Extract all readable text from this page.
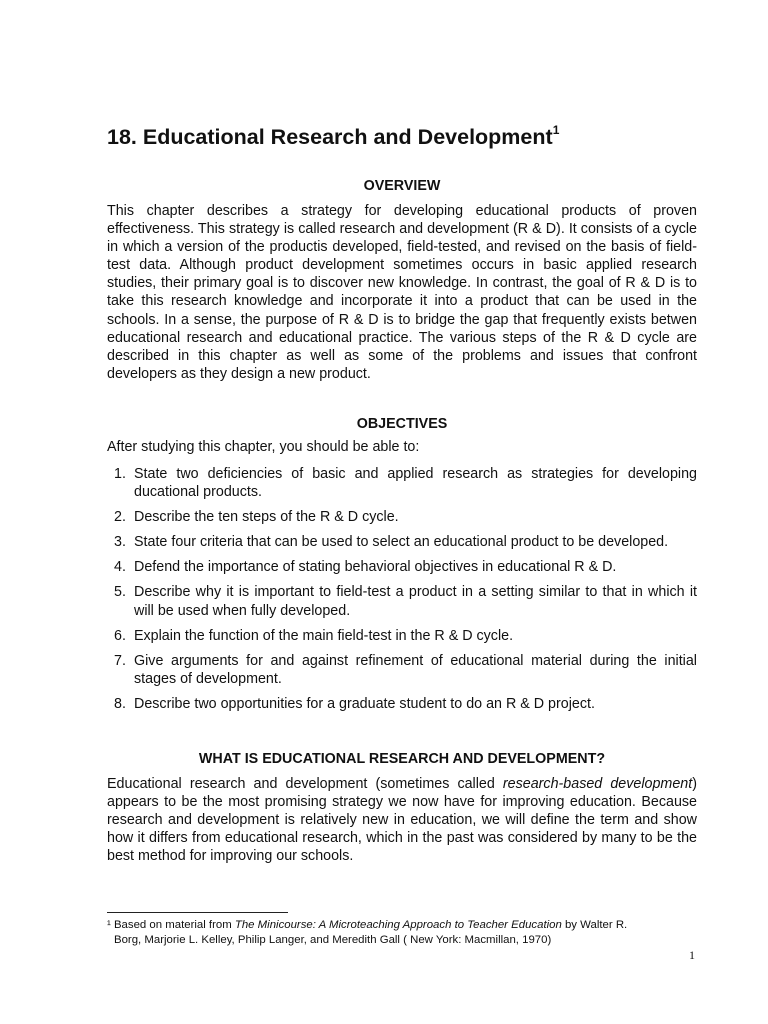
18. Educational Research and Development$^1$
OVERVIEW

This chapter describes a strategy for developing educational products of proven effectiveness. This strategy is called research and development (R & D). It consists of a cycle in which a version of the productis developed, field-tested, and revised on the basis of field-test data. Although product development sometimes occurs in basic applied research studies, their primary goal is to discover new knowledge. In contrast, the goal of R & D is to take this research knowledge and incorporate it into a product that can be used in the schools. In a sense, the purpose of R & D is to bridge the gap that frequently exists betwen educational research and educational practice. The various steps of the R & D cycle are described in this chapter as well as some of the problems and issues that confront developers as they design a new product.

OBJECTIVES

After studying this chapter, you should be able to:

1. State two deficiencies of basic and applied research as strategies for developing ducational products.
2. Describe the ten steps of the R & D cycle.
3. State four criteria that can be used to select an educational product to be developed.
4. Defend the importance of stating behavioral objectives in educational R & D.
5. Describe why it is important to field-test a product in a setting similar to that in which it will be used when fully developed.
6. Explain the function of the main field-test in the R & D cycle.
7. Give arguments for and against refinement of educational material during the initial stages of development.
8. Describe two opportunities for a graduate student to do an R & D project.
WHAT IS EDUCATIONAL RESEARCH AND DEVELOPMENT?

Educational research and development (sometimes called research-based development) appears to be the most promising strategy we now have for improving education. Because research and development is relatively new in education, we will define the term and show how it differs from educational research, which in the past was considered by many to be the best method for improving our schools.

¹ Based on material from The Minicourse: A Microteaching Approach to Teacher Education by Walter R.
Borg, Marjorie L. Kelley, Philip Langer, and Meredith Gall ( New York: Macmillan, 1970)

1
